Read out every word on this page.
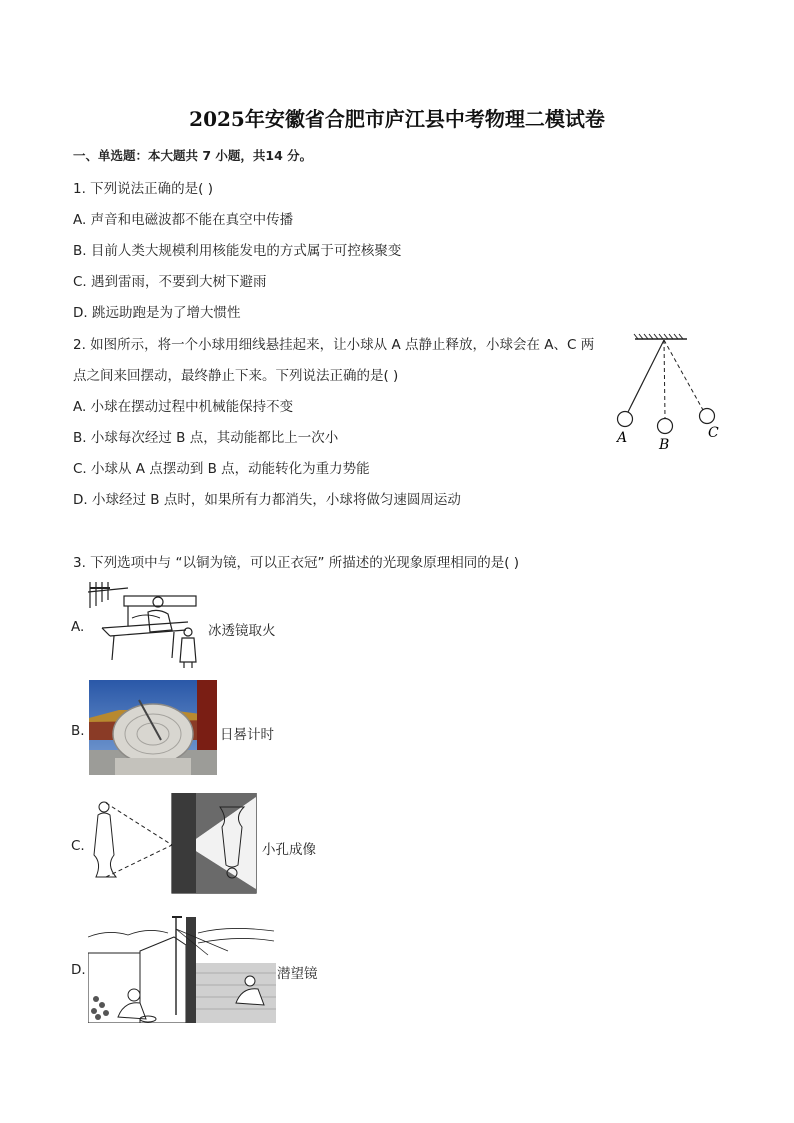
2025年安徽省合肥市庐江县中考物理二模试卷
一、单选题：本大题共 7 小题，共14 分。
1. 下列说法正确的是( )
A. 声音和电磁波都不能在真空中传播
B. 目前人类大规模利用核能发电的方式属于可控核聚变
C. 遇到雷雨，不要到大树下避雨
D. 跳远助跑是为了增大惯性
2. 如图所示，将一个小球用细线悬挂起来，让小球从 A 点静止释放，小球会在 A、C 两
点之间来回摆动，最终静止下来。下列说法正确的是( )
A. 小球在摆动过程中机械能保持不变
B. 小球每次经过 B 点，其动能都比上一次小
C. 小球从 A 点摆动到 B 点，动能转化为重力势能
D. 小球经过 B 点时，如果所有力都消失，小球将做匀速圆周运动
A B
C
3. 下列选项中与 “以铜为镜，可以正衣冠” 所描述的光现象原理相同的是( )
A.	冰透镜取火
B.	日晷计时
C.	小孔成像
D.	潜望镜
